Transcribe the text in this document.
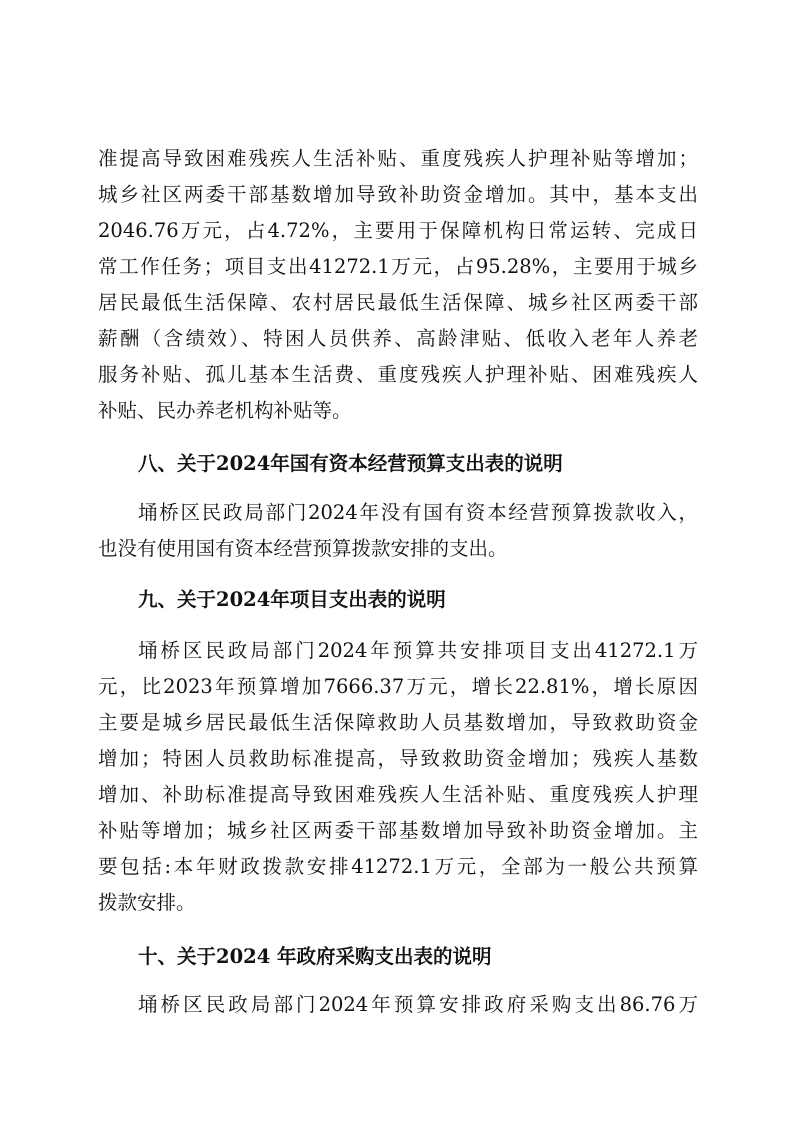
准提高导致困难残疾人生活补贴、重度残疾人护理补贴等增加；
城乡社区两委干部基数增加导致补助资金增加。其中，基本支出
2046.76万元，占4.72%，主要用于保障机构日常运转、完成日
常工作任务；项目支出41272.1万元，占95.28%，主要用于城乡
居民最低生活保障、农村居民最低生活保障、城乡社区两委干部
薪酬（含绩效）、特困人员供养、高龄津贴、低收入老年人养老
服务补贴、孤儿基本生活费、重度残疾人护理补贴、困难残疾人
补贴、民办养老机构补贴等。
八、关于2024年国有资本经营预算支出表的说明
埇桥区民政局部门2024年没有国有资本经营预算拨款收入，
也没有使用国有资本经营预算拨款安排的支出。
九、关于2024年项目支出表的说明
埇桥区民政局部门2024年预算共安排项目支出41272.1万
元，比2023年预算增加7666.37万元，增长22.81%，增长原因
主要是城乡居民最低生活保障救助人员基数增加，导致救助资金
增加；特困人员救助标准提高，导致救助资金增加；残疾人基数
增加、补助标准提高导致困难残疾人生活补贴、重度残疾人护理
补贴等增加；城乡社区两委干部基数增加导致补助资金增加。主
要包括:本年财政拨款安排41272.1万元，全部为一般公共预算
拨款安排。
十、关于2024 年政府采购支出表的说明
埇桥区民政局部门2024年预算安排政府采购支出86.76万
